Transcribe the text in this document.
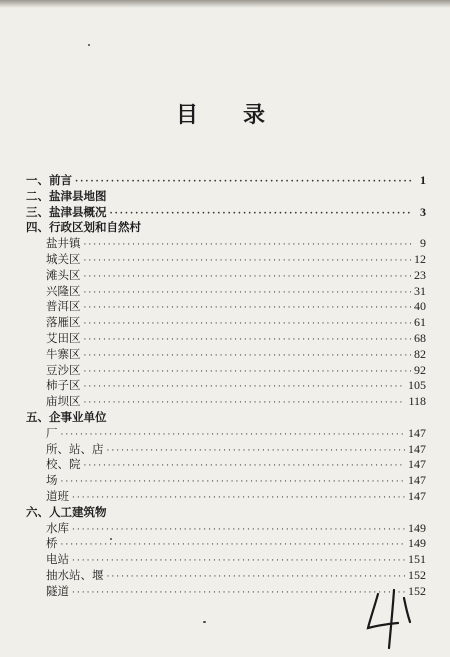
目 录
一、前言 ·····	1
二、盐津县地图
三、盐津县概况 ·····	3
四、行政区划和自然村
盐井镇 ·····	9
城关区 ·····	12
滩头区 ·····	23
兴隆区 ·····	31
普洱区 ·····	40
落雁区 ·····	61
艾田区 ·····	68
牛寨区 ·····	82
豆沙区 ·····	92
柿子区 ·····	105
庙坝区 ·····	118
五、企事业单位
厂 ·····	147
所、站、店 ·····	147
校、院 ·····	147
场 ·····	147
道班 ·····	147
六、人工建筑物
水库 ·····	149
桥 ·····	149
电站 ·····	151
抽水站、堰 ·····	152
隧道 ·····	152
